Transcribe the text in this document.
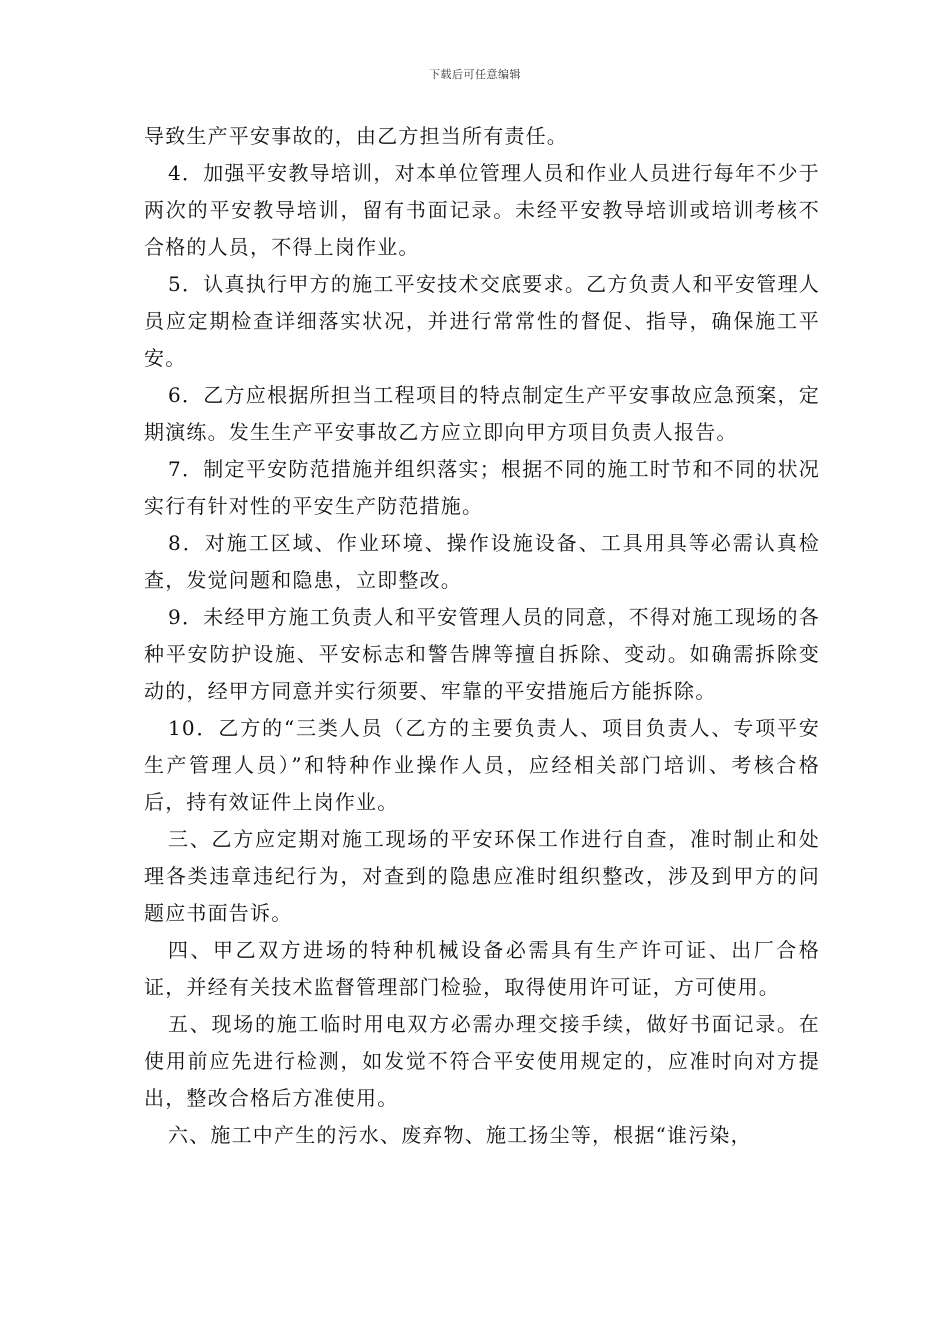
下载后可任意编辑

导致生产平安事故的，由乙方担当所有责任。

4．加强平安教导培训，对本单位管理人员和作业人员进行每年不少于两次的平安教导培训，留有书面记录。未经平安教导培训或培训考核不合格的人员，不得上岗作业。

5．认真执行甲方的施工平安技术交底要求。乙方负责人和平安管理人员应定期检查详细落实状况，并进行常常性的督促、指导，确保施工平安。

6．乙方应根据所担当工程项目的特点制定生产平安事故应急预案，定期演练。发生生产平安事故乙方应立即向甲方项目负责人报告。

7．制定平安防范措施并组织落实；根据不同的施工时节和不同的状况实行有针对性的平安生产防范措施。

8．对施工区域、作业环境、操作设施设备、工具用具等必需认真检查，发觉问题和隐患，立即整改。

9．未经甲方施工负责人和平安管理人员的同意，不得对施工现场的各种平安防护设施、平安标志和警告牌等擅自拆除、变动。如确需拆除变动的，经甲方同意并实行须要、牢靠的平安措施后方能拆除。

10．乙方的“三类人员（乙方的主要负责人、项目负责人、专项平安生产管理人员）”和特种作业操作人员，应经相关部门培训、考核合格后，持有效证件上岗作业。

三、乙方应定期对施工现场的平安环保工作进行自查，准时制止和处理各类违章违纪行为，对查到的隐患应准时组织整改，涉及到甲方的问题应书面告诉。

四、甲乙双方进场的特种机械设备必需具有生产许可证、出厂合格证，并经有关技术监督管理部门检验，取得使用许可证，方可使用。

五、现场的施工临时用电双方必需办理交接手续，做好书面记录。在使用前应先进行检测，如发觉不符合平安使用规定的，应准时向对方提出，整改合格后方准使用。

六、施工中产生的污水、废弃物、施工扬尘等，根据“谁污染，
